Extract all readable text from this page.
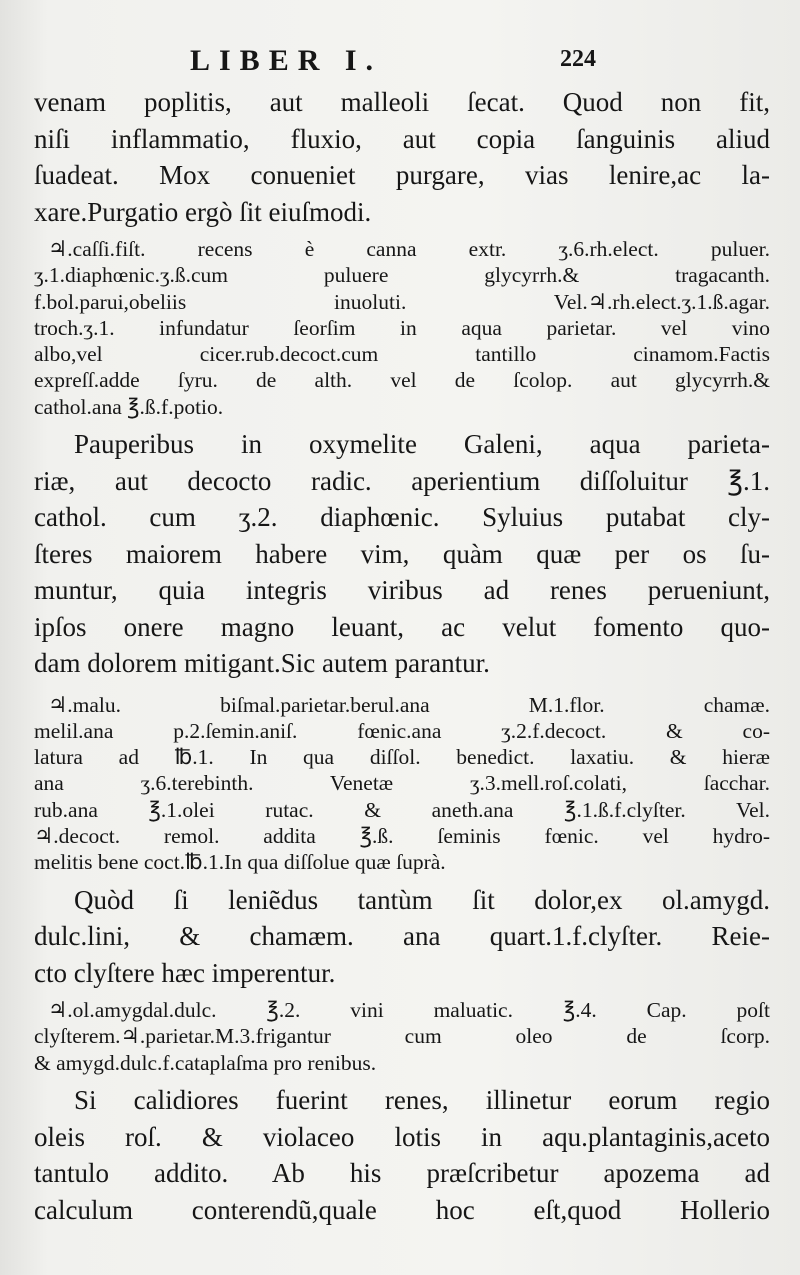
LIBER I.	224
venam poplitis, aut malleoli ſecat. Quod non fit,
niſi inflammatio, fluxio, aut copia ſanguinis aliud
ſuadeat. Mox conueniet purgare, vias lenire,ac la-
xare.Purgatio ergò ſit eiuſmodi.
♃.caſſi.fiſt. recens è canna extr. ʒ.6.rh.elect. puluer.
ʒ.1.diaphœnic.ʒ.ß.cum puluere glycyrrh.& tragacanth.
f.bol.parui,obeliis inuoluti. Vel.♃.rh.elect.ʒ.1.ß.agar.
troch.ʒ.1. infundatur ſeorſim in aqua parietar. vel vino
albo,vel cicer.rub.decoct.cum tantillo cinamom.Factis
expreſſ.adde ſyru. de alth. vel de ſcolop. aut glycyrrh.&
cathol.ana ℥.ß.f.potio.
Pauperibus in oxymelite Galeni, aqua parieta-
riæ, aut decocto radic. aperientium diſſoluitur ℥.1.
cathol. cum ʒ.2. diaphœnic. Syluius putabat cly-
ſteres maiorem habere vim, quàm quæ per os ſu-
muntur, quia integris viribus ad renes perueniunt,
ipſos onere magno leuant, ac velut fomento quo-
dam dolorem mitigant.Sic autem parantur.
♃.malu. biſmal.parietar.berul.ana M.1.flor. chamæ.
melil.ana p.2.ſemin.aniſ. fœnic.ana ʒ.2.f.decoct. & co-
latura ad ℔.1. In qua diſſol. benedict. laxatiu. & hieræ
ana ʒ.6.terebinth. Venetæ ʒ.3.mell.roſ.colati, ſacchar.
rub.ana ℥.1.olei rutac. & aneth.ana ℥.1.ß.f.clyſter. Vel.
♃.decoct. remol. addita ℥.ß. ſeminis fœnic. vel hydro-
melitis bene coct.℔.1.In qua diſſolue quæ ſuprà.
Quòd ſi leniẽdus tantùm ſit dolor,ex ol.amygd.
dulc.lini, & chamæm. ana quart.1.f.clyſter. Reie-
cto clyſtere hæc imperentur.
♃.ol.amygdal.dulc. ℥.2. vini maluatic. ℥.4. Cap. poſt
clyſterem.♃.parietar.M.3.frigantur cum oleo de ſcorp.
& amygd.dulc.f.cataplaſma pro renibus.
Si calidiores fuerint renes, illinetur eorum regio
oleis roſ. & violaceo lotis in aqu.plantaginis,aceto
tantulo addito. Ab his præſcribetur apozema ad
calculum conterendũ,quale hoc eſt,quod Hollerio
